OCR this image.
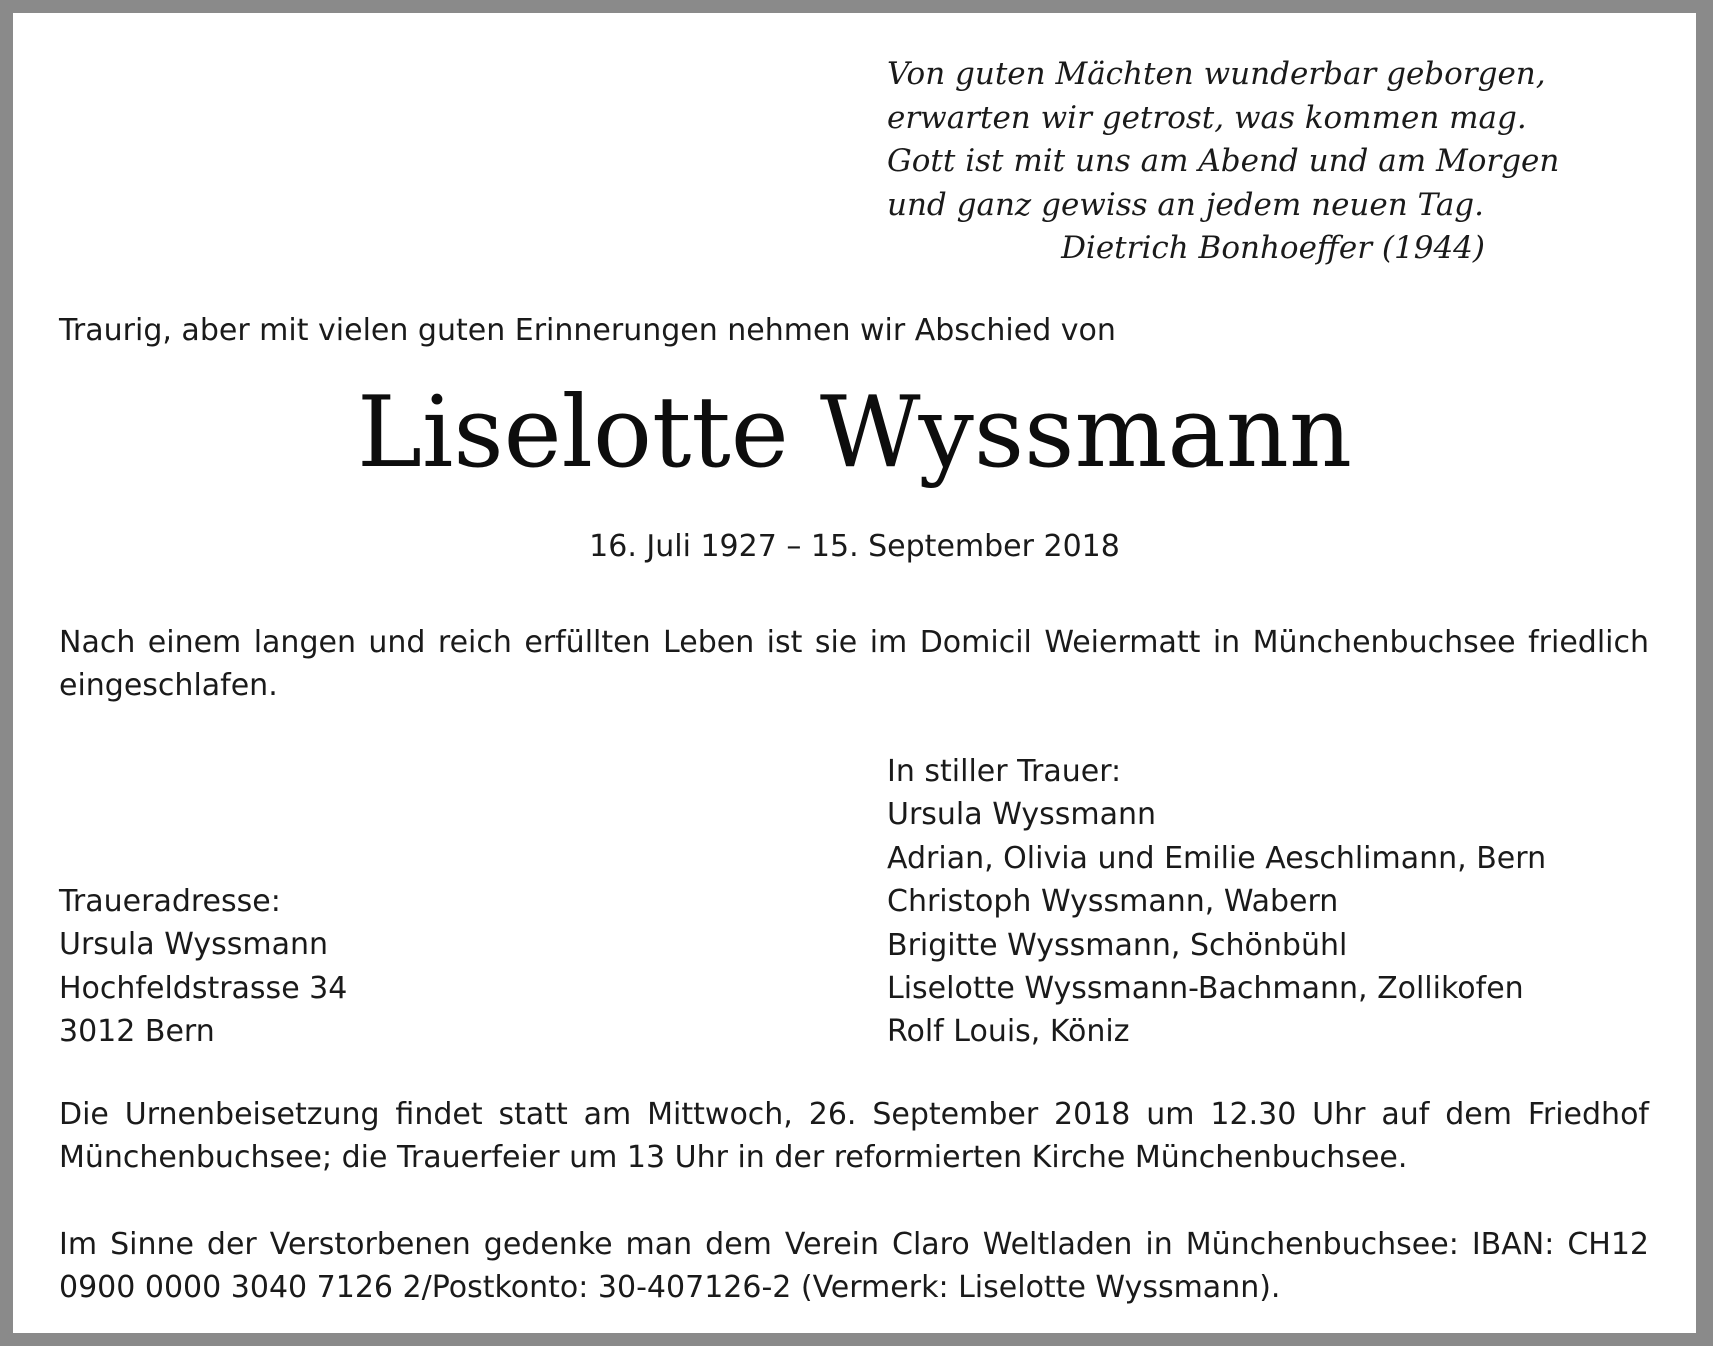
Von guten Mächten wunderbar geborgen,
erwarten wir getrost, was kommen mag.
Gott ist mit uns am Abend und am Morgen
und ganz gewiss an jedem neuen Tag.
Dietrich Bonhoeffer (1944)
Traurig, aber mit vielen guten Erinnerungen nehmen wir Abschied von
Liselotte Wyssmann
16. Juli 1927 – 15. September 2018
Nach einem langen und reich erfüllten Leben ist sie im Domicil Weiermatt in Münchenbuchsee friedlich eingeschlafen.
In stiller Trauer:
Ursula Wyssmann
Adrian, Olivia und Emilie Aeschlimann, Bern
Christoph Wyssmann, Wabern
Brigitte Wyssmann, Schönbühl
Liselotte Wyssmann-Bachmann, Zollikofen
Rolf Louis, Köniz
Traueradresse:
Ursula Wyssmann
Hochfeldstrasse 34
3012 Bern
Die Urnenbeisetzung findet statt am Mittwoch, 26. September 2018 um 12.30 Uhr auf dem Friedhof Münchenbuchsee; die Trauerfeier um 13 Uhr in der reformierten Kirche Münchenbuchsee.
Im Sinne der Verstorbenen gedenke man dem Verein Claro Weltladen in Münchenbuchsee: IBAN: CH12 0900 0000 3040 7126 2/Postkonto: 30-407126-2 (Vermerk: Liselotte Wyssmann).
